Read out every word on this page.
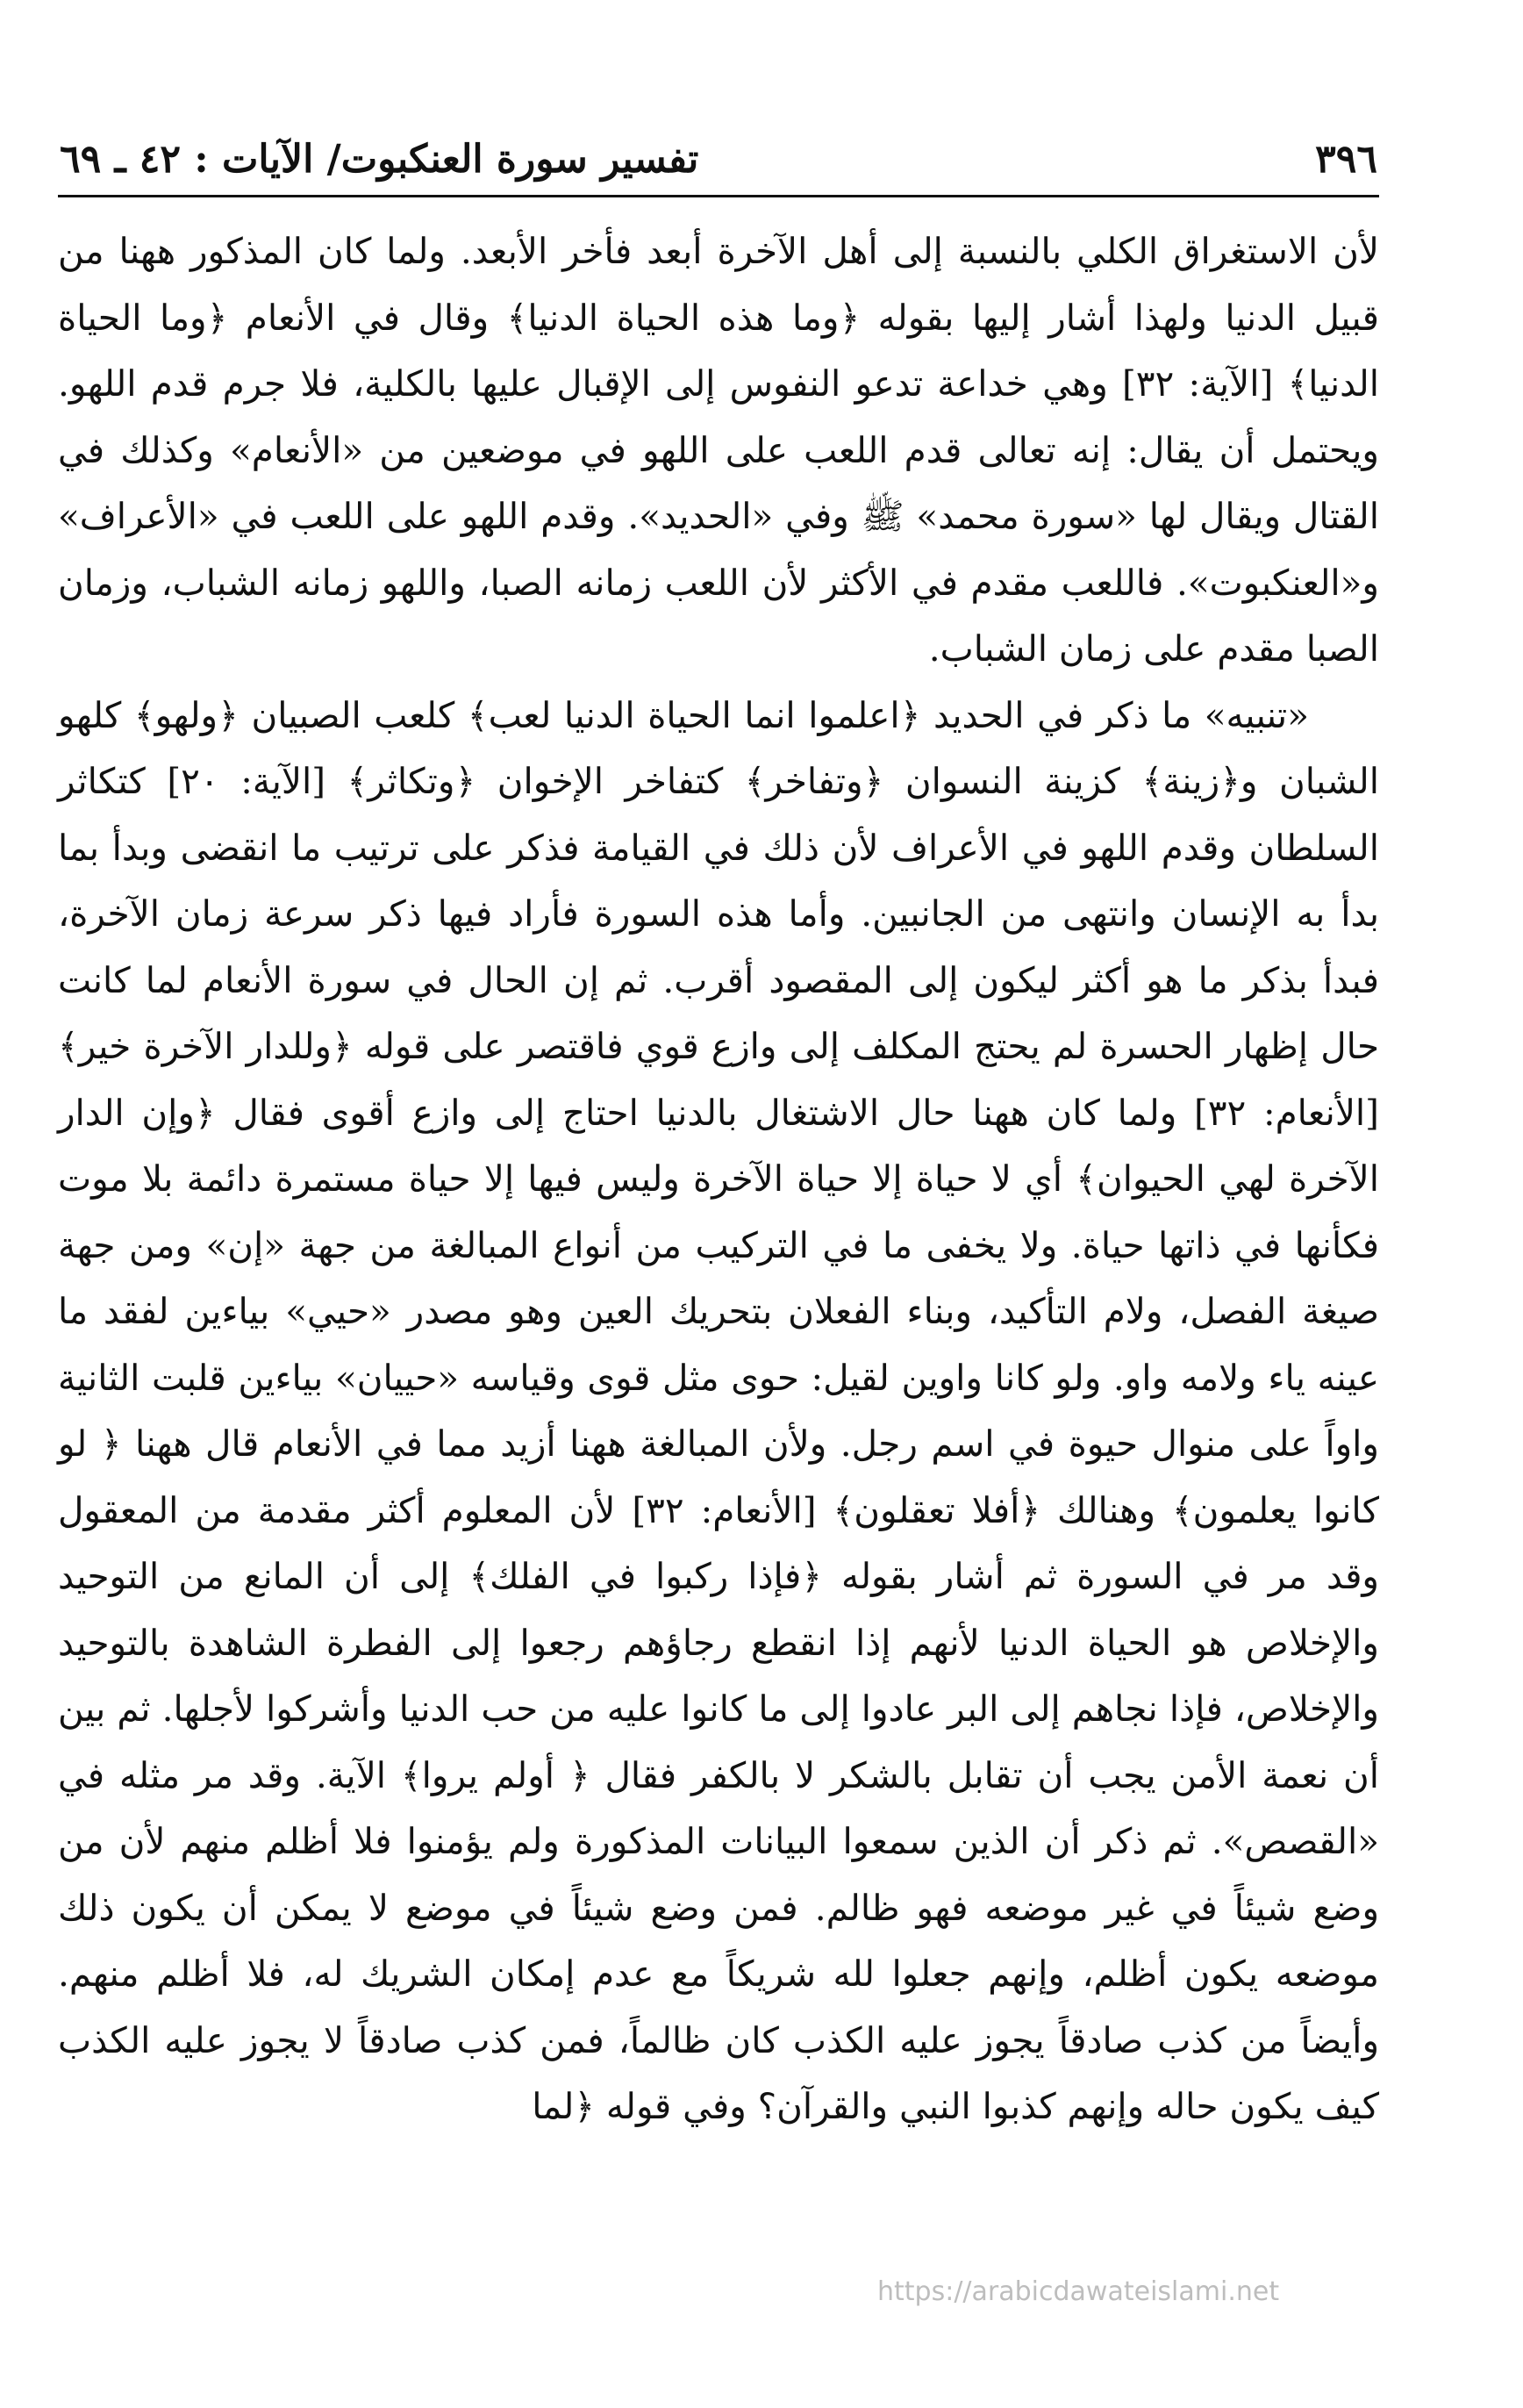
٣٩٦
تفسير سورة العنكبوت/ الآيات : ٤٢ ـ ٦٩

لأن الاستغراق الكلي بالنسبة إلى أهل الآخرة أبعد فأخر الأبعد. ولما كان المذكور ههنا من قبيل الدنيا ولهذا أشار إليها بقوله ﴿وما هذه الحياة الدنيا﴾ وقال في الأنعام ﴿وما الحياة الدنيا﴾ [الآية: ٣٢] وهي خداعة تدعو النفوس إلى الإقبال عليها بالكلية، فلا جرم قدم اللهو. ويحتمل أن يقال: إنه تعالى قدم اللعب على اللهو في موضعين من «الأنعام» وكذلك في القتال ويقال لها «سورة محمد» ﷺ وفي «الحديد». وقدم اللهو على اللعب في «الأعراف» و«العنكبوت». فاللعب مقدم في الأكثر لأن اللعب زمانه الصبا، واللهو زمانه الشباب، وزمان الصبا مقدم على زمان الشباب.

«تنبيه» ما ذكر في الحديد ﴿اعلموا انما الحياة الدنيا لعب﴾ كلعب الصبيان ﴿ولهو﴾ كلهو الشبان و﴿زينة﴾ كزينة النسوان ﴿وتفاخر﴾ كتفاخر الإخوان ﴿وتكاثر﴾ [الآية: ٢٠] كتكاثر السلطان وقدم اللهو في الأعراف لأن ذلك في القيامة فذكر على ترتيب ما انقضى وبدأ بما بدأ به الإنسان وانتهى من الجانبين. وأما هذه السورة فأراد فيها ذكر سرعة زمان الآخرة، فبدأ بذكر ما هو أكثر ليكون إلى المقصود أقرب. ثم إن الحال في سورة الأنعام لما كانت حال إظهار الحسرة لم يحتج المكلف إلى وازع قوي فاقتصر على قوله ﴿وللدار الآخرة خير﴾ [الأنعام: ٣٢] ولما كان ههنا حال الاشتغال بالدنيا احتاج إلى وازع أقوى فقال ﴿وإن الدار الآخرة لهي الحيوان﴾ أي لا حياة إلا حياة الآخرة وليس فيها إلا حياة مستمرة دائمة بلا موت فكأنها في ذاتها حياة. ولا يخفى ما في التركيب من أنواع المبالغة من جهة «إن» ومن جهة صيغة الفصل، ولام التأكيد، وبناء الفعلان بتحريك العين وهو مصدر «حيي» بياءين لفقد ما عينه ياء ولامه واو. ولو كانا واوين لقيل: حوى مثل قوى وقياسه «حييان» بياءين قلبت الثانية واواً على منوال حيوة في اسم رجل. ولأن المبالغة ههنا أزيد مما في الأنعام قال ههنا ﴿ لو كانوا يعلمون﴾ وهنالك ﴿أفلا تعقلون﴾ [الأنعام: ٣٢] لأن المعلوم أكثر مقدمة من المعقول وقد مر في السورة ثم أشار بقوله ﴿فإذا ركبوا في الفلك﴾ إلى أن المانع من التوحيد والإخلاص هو الحياة الدنيا لأنهم إذا انقطع رجاؤهم رجعوا إلى الفطرة الشاهدة بالتوحيد والإخلاص، فإذا نجاهم إلى البر عادوا إلى ما كانوا عليه من حب الدنيا وأشركوا لأجلها. ثم بين أن نعمة الأمن يجب أن تقابل بالشكر لا بالكفر فقال ﴿ أولم يروا﴾ الآية. وقد مر مثله في «القصص». ثم ذكر أن الذين سمعوا البيانات المذكورة ولم يؤمنوا فلا أظلم منهم لأن من وضع شيئاً في غير موضعه فهو ظالم. فمن وضع شيئاً في موضع لا يمكن أن يكون ذلك موضعه يكون أظلم، وإنهم جعلوا لله شريكاً مع عدم إمكان الشريك له، فلا أظلم منهم. وأيضاً من كذب صادقاً يجوز عليه الكذب كان ظالماً، فمن كذب صادقاً لا يجوز عليه الكذب كيف يكون حاله وإنهم كذبوا النبي والقرآن؟ وفي قوله ﴿لما

https://arabicdawateislami.net
